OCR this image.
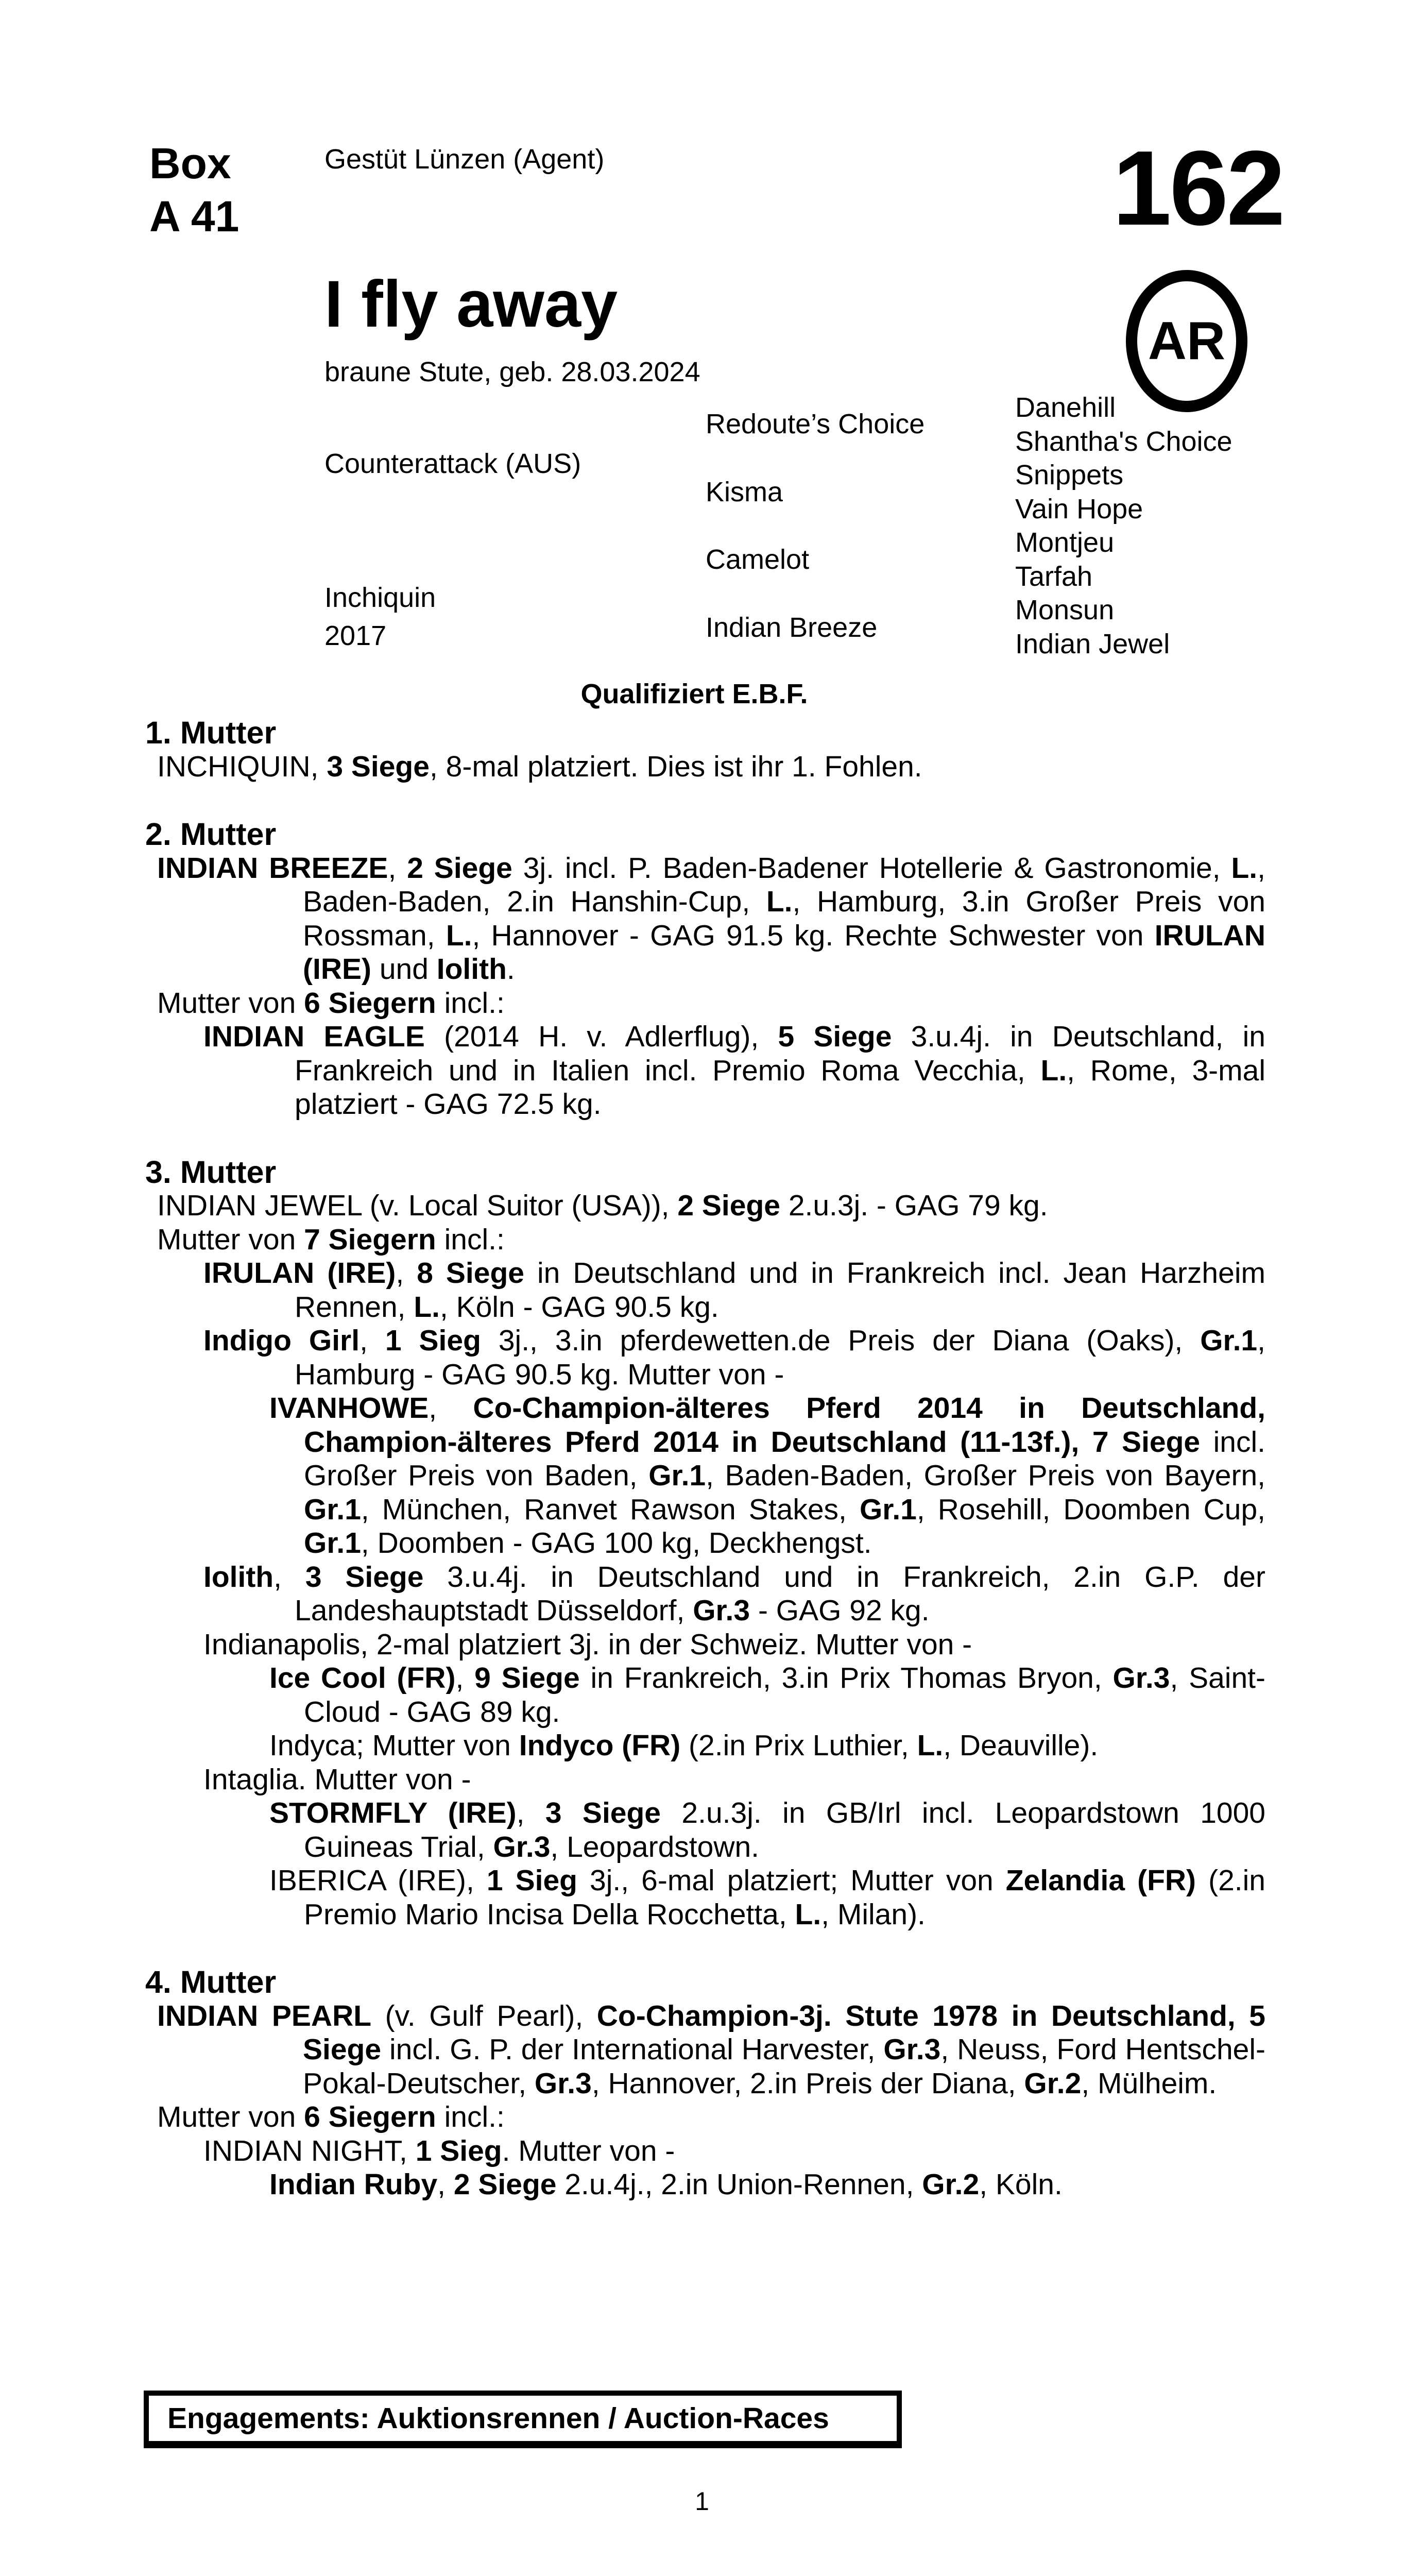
Box
A 41
Gestüt Lünzen (Agent)	162
AR
I fly away
braune Stute, geb. 28.03.2024
Counterattack (AUS)
Inchiquin
2017
Redoute’s Choice
Kisma
Camelot
Indian Breeze
Danehill
Shantha's Choice
Snippets
Vain Hope
Montjeu
Tarfah
Monsun
Indian Jewel
Qualifiziert E.B.F.
1. Mutter
INCHIQUIN, 3 Siege, 8-mal platziert. Dies ist ihr 1. Fohlen.
2. Mutter
INDIAN BREEZE, 2 Siege 3j. incl. P. Baden-Badener Hotellerie & Gastronomie, L., Baden-Baden, 2.in Hanshin-Cup, L., Hamburg, 3.in Großer Preis von Rossman, L., Hannover - GAG 91.5 kg. Rechte Schwester von IRULAN (IRE) und Iolith.
Mutter von 6 Siegern incl.:
INDIAN EAGLE (2014 H. v. Adlerflug), 5 Siege 3.u.4j. in Deutschland, in Frankreich und in Italien incl. Premio Roma Vecchia, L., Rome, 3-mal platziert - GAG 72.5 kg.
3. Mutter
INDIAN JEWEL (v. Local Suitor (USA)), 2 Siege 2.u.3j. - GAG 79 kg.
Mutter von 7 Siegern incl.:
IRULAN (IRE), 8 Siege in Deutschland und in Frankreich incl. Jean Harzheim Rennen, L., Köln - GAG 90.5 kg.
Indigo Girl, 1 Sieg 3j., 3.in pferdewetten.de Preis der Diana (Oaks), Gr.1, Hamburg - GAG 90.5 kg. Mutter von -
IVANHOWE, Co-Champion-älteres Pferd 2014 in Deutschland, Champion-älteres Pferd 2014 in Deutschland (11-13f.), 7 Siege incl. Großer Preis von Baden, Gr.1, Baden-Baden, Großer Preis von Bayern, Gr.1, München, Ranvet Rawson Stakes, Gr.1, Rosehill, Doomben Cup, Gr.1, Doomben - GAG 100 kg, Deckhengst.
Iolith, 3 Siege 3.u.4j. in Deutschland und in Frankreich, 2.in G.P. der Landeshauptstadt Düsseldorf, Gr.3 - GAG 92 kg.
Indianapolis, 2-mal platziert 3j. in der Schweiz. Mutter von -
Ice Cool (FR), 9 Siege in Frankreich, 3.in Prix Thomas Bryon, Gr.3, Saint-Cloud - GAG 89 kg.
Indyca; Mutter von Indyco (FR) (2.in Prix Luthier, L., Deauville).
Intaglia. Mutter von -
STORMFLY (IRE), 3 Siege 2.u.3j. in GB/Irl incl. Leopardstown 1000 Guineas Trial, Gr.3, Leopardstown.
IBERICA (IRE), 1 Sieg 3j., 6-mal platziert; Mutter von Zelandia (FR) (2.in Premio Mario Incisa Della Rocchetta, L., Milan).
4. Mutter
INDIAN PEARL (v. Gulf Pearl), Co-Champion-3j. Stute 1978 in Deutschland, 5 Siege incl. G. P. der International Harvester, Gr.3, Neuss, Ford Hentschel-Pokal-Deutscher, Gr.3, Hannover, 2.in Preis der Diana, Gr.2, Mülheim.
Mutter von 6 Siegern incl.:
INDIAN NIGHT, 1 Sieg. Mutter von -
Indian Ruby, 2 Siege 2.u.4j., 2.in Union-Rennen, Gr.2, Köln.
Engagements: Auktionsrennen / Auction-Races
1
